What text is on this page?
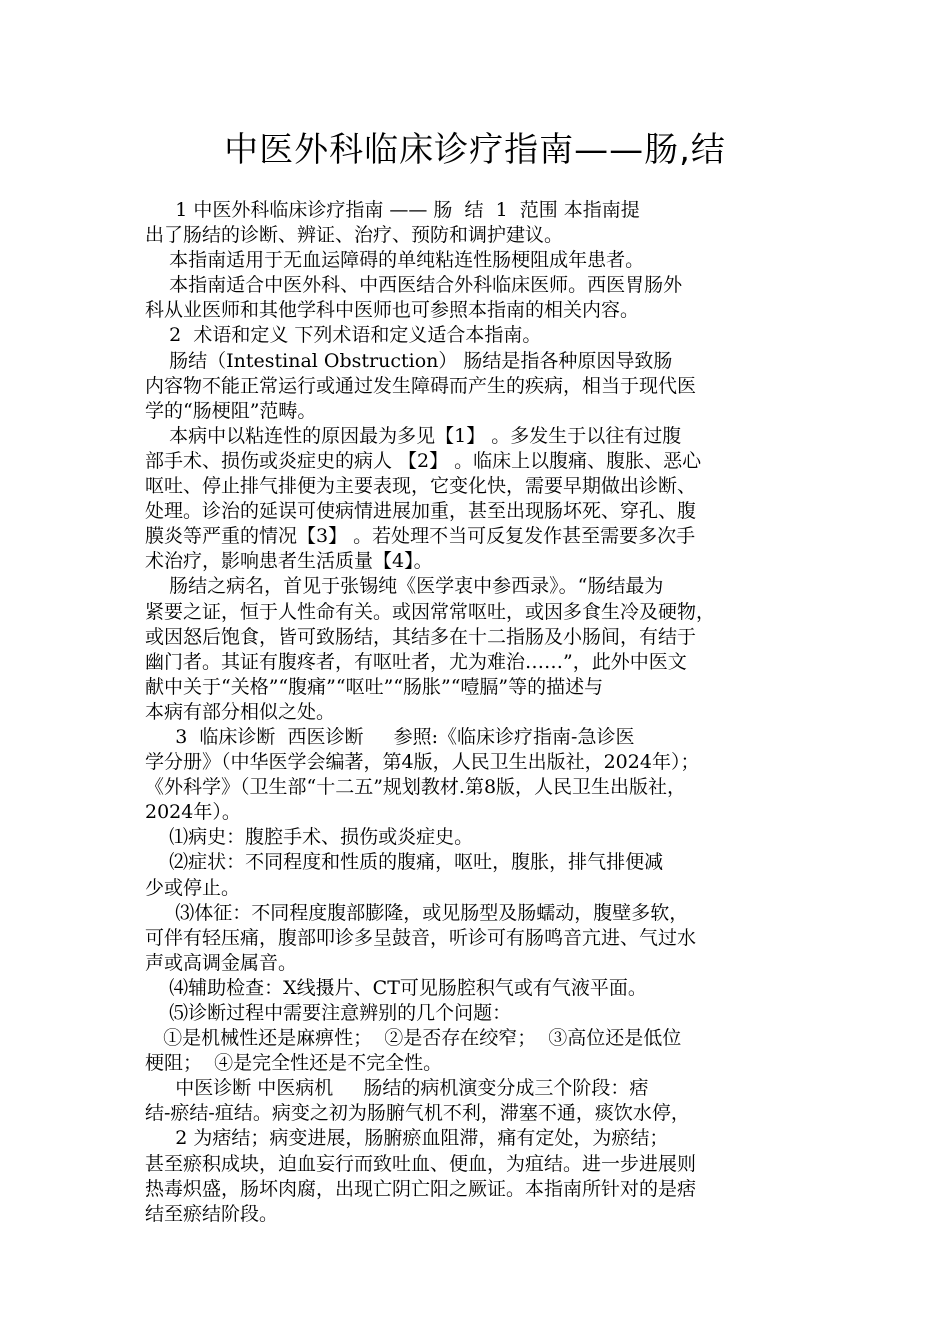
中医外科临床诊疗指南——肠,结
1 中医外科临床诊疗指南 —— 肠  结  1  范围 本指南提
出了肠结的诊断、辨证、治疗、预防和调护建议。
本指南适用于无血运障碍的单纯粘连性肠梗阻成年患者。
本指南适合中医外科、中西医结合外科临床医师。西医胃肠外
科从业医师和其他学科中医师也可参照本指南的相关内容。
2  术语和定义 下列术语和定义适合本指南。
肠结（Intestinal Obstruction） 肠结是指各种原因导致肠
内容物不能正常运行或通过发生障碍而产生的疾病，相当于现代医
学的“肠梗阻”范畴。
本病中以粘连性的原因最为多见【1】 。多发生于以往有过腹
部手术、损伤或炎症史的病人 【2】 。临床上以腹痛、腹胀、恶心
呕吐、停止排气排便为主要表现，它变化快，需要早期做出诊断、
处理。诊治的延误可使病情进展加重，甚至出现肠坏死、穿孔、腹
膜炎等严重的情况【3】 。若处理不当可反复发作甚至需要多次手
术治疗，影响患者生活质量【4】。
肠结之病名，首见于张锡纯《医学衷中参西录》。“肠结最为
紧要之证，恒于人性命有关。或因常常呕吐，或因多食生冷及硬物，
或因怒后饱食，皆可致肠结，其结多在十二指肠及小肠间，有结于
幽门者。其证有腹疼者，有呕吐者，尤为难治……”，此外中医文
献中关于“关格”“腹痛”“呕吐”“肠胀”“噎膈”等的描述与
本病有部分相似之处。
3  临床诊断  西医诊断     参照:《临床诊疗指南-急诊医
学分册》（中华医学会编著，第4版，人民卫生出版社，2024年）；
《外科学》（卫生部“十二五”规划教材.第8版，人民卫生出版社，
2024年）。
⑴病史：腹腔手术、损伤或炎症史。
⑵症状：不同程度和性质的腹痛，呕吐，腹胀，排气排便减
少或停止。
⑶体征：不同程度腹部膨隆，或见肠型及肠蠕动，腹壁多软，
可伴有轻压痛，腹部叩诊多呈鼓音，听诊可有肠鸣音亢进、气过水
声或高调金属音。
⑷辅助检查：X线摄片、CT可见肠腔积气或有气液平面。
⑸诊断过程中需要注意辨别的几个问题：
①是机械性还是麻痹性；  ②是否存在绞窄；  ③高位还是低位
梗阻；  ④是完全性还是不完全性。
中医诊断 中医病机     肠结的病机演变分成三个阶段：痞
结-瘀结-疽结。病变之初为肠腑气机不利，滞塞不通，痰饮水停，
2 为痞结；病变进展，肠腑瘀血阻滞，痛有定处，为瘀结；
甚至瘀积成块，迫血妄行而致吐血、便血，为疽结。进一步进展则
热毒炽盛，肠坏肉腐，出现亡阴亡阳之厥证。本指南所针对的是痞
结至瘀结阶段。
